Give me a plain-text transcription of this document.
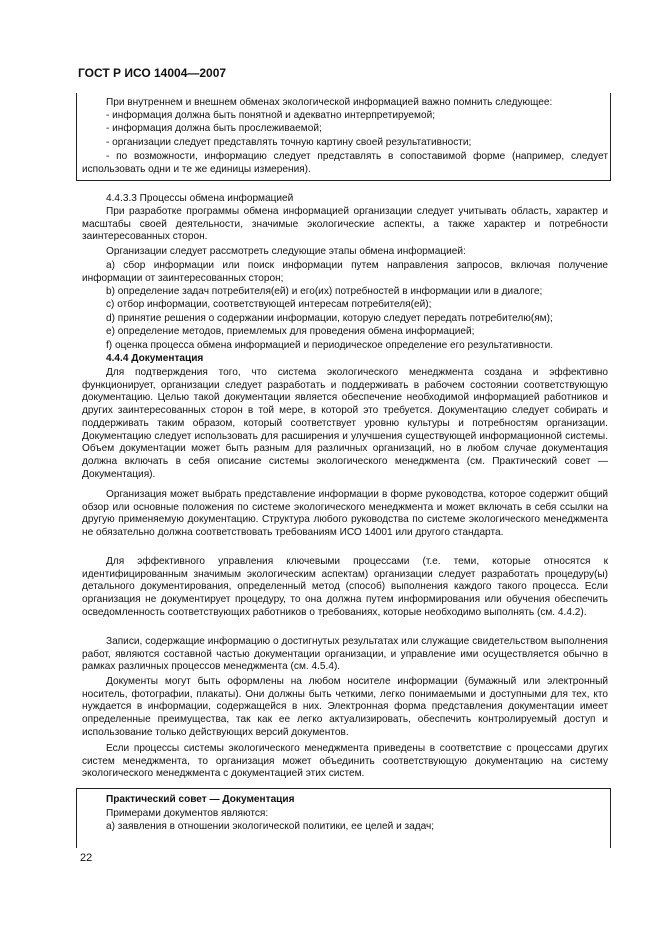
ГОСТ Р ИСО 14004—2007

При внутреннем и внешнем обменах экологической информацией важно помнить следующее:

- информация должна быть понятной и адекватно интерпретируемой;

- информация должна быть прослеживаемой;

- организации следует представлять точную картину своей результативности;

- по возможности, информацию следует представлять в сопоставимой форме (например, следует использовать одни и те же единицы измерения).

4.4.3.3 Процессы обмена информацией

При разработке программы обмена информацией организации следует учитывать область, характер и масштабы своей деятельности, значимые экологические аспекты, а также характер и потребности заинтересованных сторон.

Организации следует рассмотреть следующие этапы обмена информацией:

a) сбор информации или поиск информации путем направления запросов, включая получение информации от заинтересованных сторон;

b) определение задач потребителя(ей) и его(их) потребностей в информации или в диалоге;

c) отбор информации, соответствующей интересам потребителя(ей);

d) принятие решения о содержании информации, которую следует передать потребителю(ям);

e) определение методов, приемлемых для проведения обмена информацией;

f) оценка процесса обмена информацией и периодическое определение его результативности.

4.4.4 Документация

Для подтверждения того, что система экологического менеджмента создана и эффективно функционирует, организации следует разработать и поддерживать в рабочем состоянии соответствующую документацию. Целью такой документации является обеспечение необходимой информацией работников и других заинтересованных сторон в той мере, в которой это требуется. Документацию следует собирать и поддерживать таким образом, который соответствует уровню культуры и потребностям организации. Документацию следует использовать для расширения и улучшения существующей информационной системы. Объем документации может быть разным для различных организаций, но в любом случае документация должна включать в себя описание системы экологического менеджмента (см. Практический совет — Документация).

Организация может выбрать представление информации в форме руководства, которое содержит общий обзор или основные положения по системе экологического менеджмента и может включать в себя ссылки на другую применяемую документацию. Структура любого руководства по системе экологического менеджмента не обязательно должна соответствовать требованиям ИСО 14001 или другого стандарта.

Для эффективного управления ключевыми процессами (т.е. теми, которые относятся к идентифицированным значимым экологическим аспектам) организации следует разработать процедуру(ы) детального документирования, определенный метод (способ) выполнения каждого такого процесса. Если организация не документирует процедуру, то она должна путем информирования или обучения обеспечить осведомленность соответствующих работников о требованиях, которые необходимо выполнять (см. 4.4.2).

Записи, содержащие информацию о достигнутых результатах или служащие свидетельством выполнения работ, являются составной частью документации организации, и управление ими осуществляется обычно в рамках различных процессов менеджмента (см. 4.5.4).

Документы могут быть оформлены на любом носителе информации (бумажный или электронный носитель, фотографии, плакаты). Они должны быть четкими, легко понимаемыми и доступными для тех, кто нуждается в информации, содержащейся в них. Электронная форма представления документации имеет определенные преимущества, так как ее легко актуализировать, обеспечить контролируемый доступ и использование только действующих версий документов.

Если процессы системы экологического менеджмента приведены в соответствие с процессами других систем менеджмента, то организация может объединить соответствующую документацию на систему экологического менеджмента с документацией этих систем.

Практический совет — Документация

Примерами документов являются:

a) заявления в отношении экологической политики, ее целей и задач;

22
